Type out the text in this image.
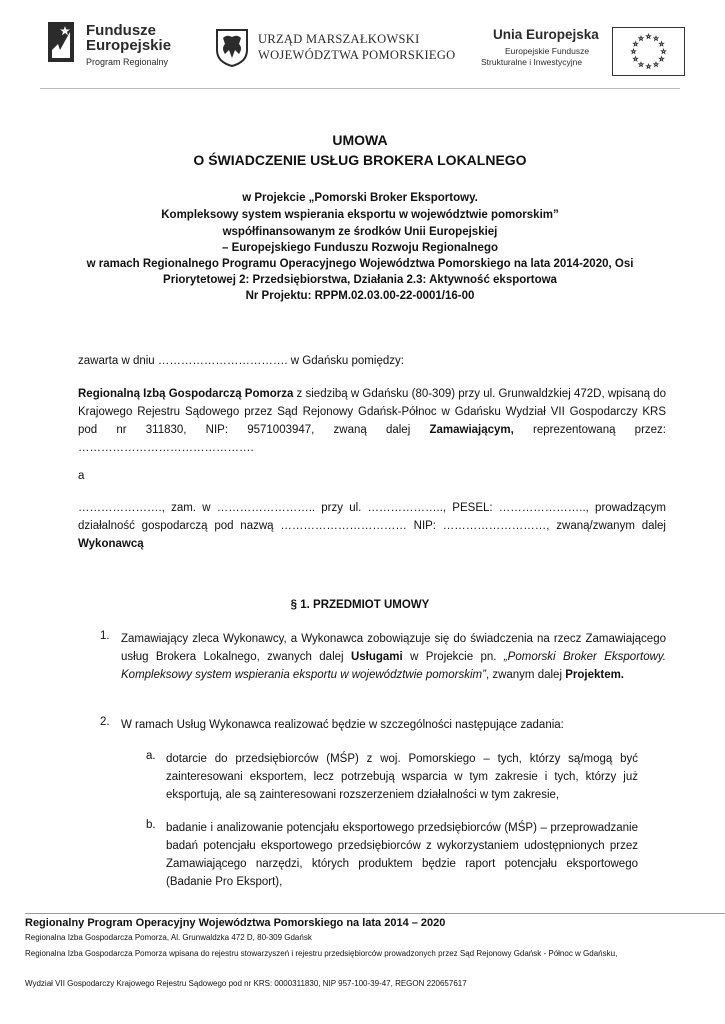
Fundusze
Europejskie
Program Regionalny
URZĄD MARSZAŁKOWSKI
WOJEWÓDZTWA POMORSKIEGO
Unia Europejska
Europejskie Fundusze
Strukturalne i Inwestycyjne
UMOWA
O ŚWIADCZENIE USŁUG BROKERA LOKALNEGO
w Projekcie „Pomorski Broker Eksportowy.
Kompleksowy system wspierania eksportu w województwie pomorskim”
współfinansowanym ze środków Unii Europejskiej
– Europejskiego Funduszu Rozwoju Regionalnego
w ramach Regionalnego Programu Operacyjnego Województwa Pomorskiego na lata 2014-2020, Osi
Priorytetowej 2: Przedsiębiorstwa, Działania 2.3: Aktywność eksportowa
Nr Projektu: RPPM.02.03.00-22-0001/16-00
zawarta w dniu ……………………………. w Gdańsku pomiędzy:
Regionalną Izbą Gospodarczą Pomorza z siedzibą w Gdańsku (80-309) przy ul. Grunwaldzkiej 472D, wpisaną do Krajowego Rejestru Sądowego przez Sąd Rejonowy Gdańsk-Północ w Gdańsku Wydział VII Gospodarczy KRS pod nr 311830, NIP: 9571003947, zwaną dalej Zamawiającym, reprezentowaną przez: ……………………………………….
a
…………………., zam. w …………………….. przy ul. ……………….., PESEL: ………………….., prowadzącym działalność gospodarczą pod nazwą …………………………… NIP: ………………………, zwaną/zwanym dalej Wykonawcą
§ 1. PRZEDMIOT UMOWY
1. Zamawiający zleca Wykonawcy, a Wykonawca zobowiązuje się do świadczenia na rzecz Zamawiającego usług Brokera Lokalnego, zwanych dalej Usługami w Projekcie pn. „Pomorski Broker Eksportowy. Kompleksowy system wspierania eksportu w województwie pomorskim”, zwanym dalej Projektem.
2. W ramach Usług Wykonawca realizować będzie w szczególności następujące zadania:
a. dotarcie do przedsiębiorców (MŚP) z woj. Pomorskiego – tych, którzy są/mogą być zainteresowani eksportem, lecz potrzebują wsparcia w tym zakresie i tych, którzy już eksportują, ale są zainteresowani rozszerzeniem działalności w tym zakresie,
b. badanie i analizowanie potencjału eksportowego przedsiębiorców (MŚP) – przeprowadzanie badań potencjału eksportowego przedsiębiorców z wykorzystaniem udostępnionych przez Zamawiającego narzędzi, których produktem będzie raport potencjału eksportowego (Badanie Pro Eksport),
Regionalny Program Operacyjny Województwa Pomorskiego na lata 2014 – 2020
Regionalna Izba Gospodarcza Pomorza, Al. Grunwaldzka 472 D, 80-309 Gdańsk
Regionalna Izba Gospodarcza Pomorza wpisana do rejestru stowarzyszeń i rejestru przedsiębiorców prowadzonych przez Sąd Rejonowy Gdańsk - Północ w Gdańsku,
Wydział VII Gospodarczy Krajowego Rejestru Sądowego pod nr KRS: 0000311830, NIP 957-100-39-47, REGON 220657617
